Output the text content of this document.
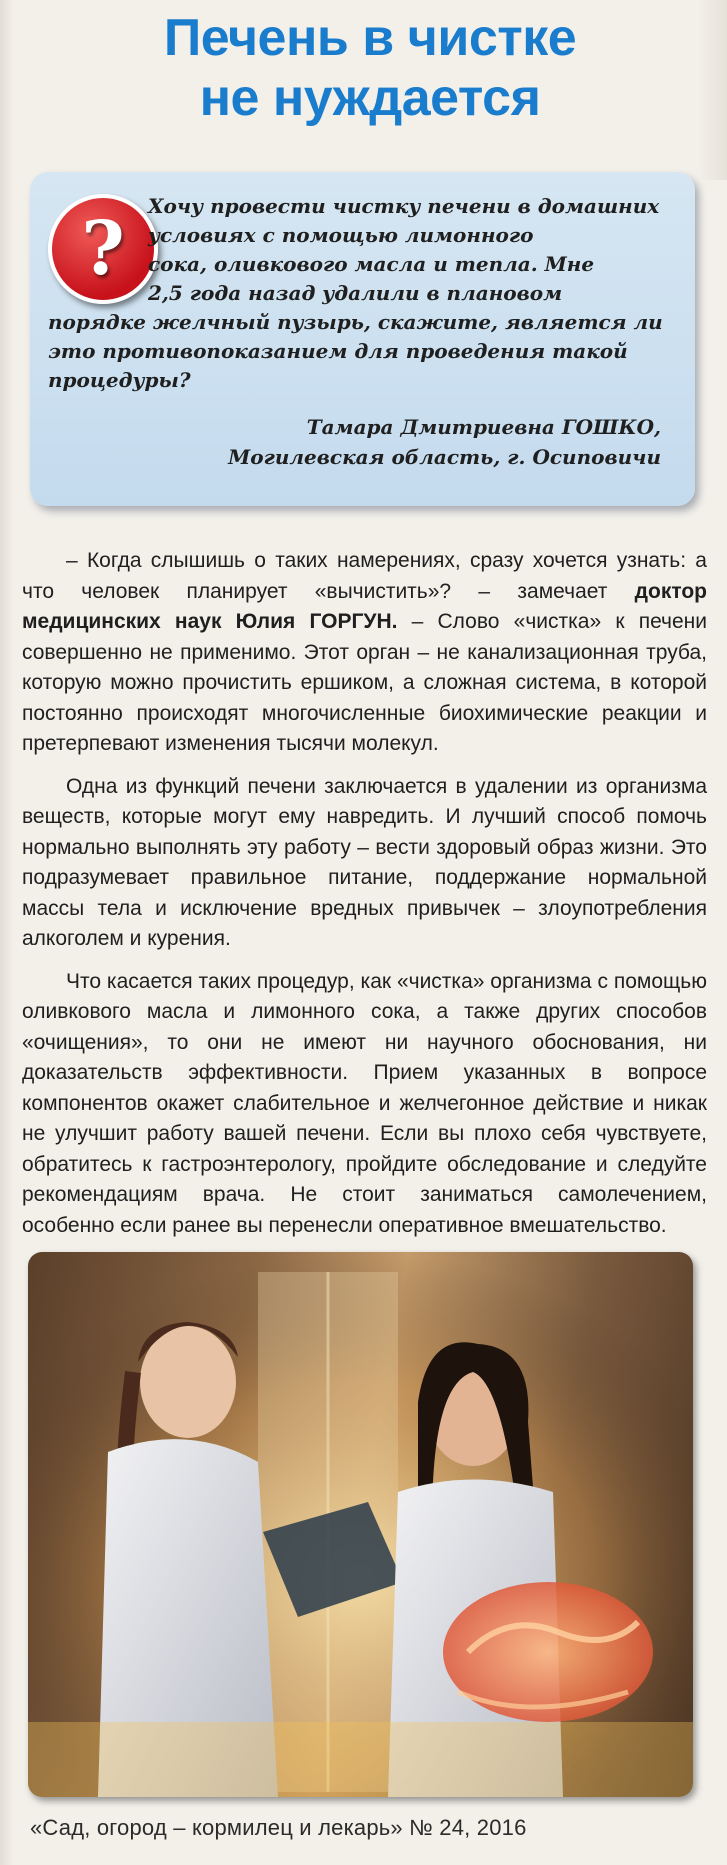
Печень в чистке
не нуждается
? Хочу провести чистку печени в домашних
условиях с помощью лимонного
сока, оливкового масла и тепла. Мне
2,5 года назад удалили в плановом
порядке желчный пузырь, скажите, является ли
это противопоказанием для проведения такой
процедуры?
Тамара Дмитриевна ГОШКО,
Могилевская область, г. Осиповичи

– Когда слышишь о таких намерениях, сразу хочется узнать: а что человек планирует «вычистить»? – замечает доктор медицинских наук Юлия ГОРГУН. – Слово «чистка» к печени совершенно не применимо. Этот орган – не канализационная труба, которую можно прочистить ершиком, а сложная система, в которой постоянно происходят многочисленные биохимические реакции и претерпевают изменения тысячи молекул.

Одна из функций печени заключается в удалении из организма веществ, которые могут ему навредить. И лучший способ помочь нормально выполнять эту работу – вести здоровый образ жизни. Это подразумевает правильное питание, поддержание нормальной массы тела и исключение вредных привычек – злоупотребления алкоголем и курения.

Что касается таких процедур, как «чистка» организма с помощью оливкового масла и лимонного сока, а также других способов «очищения», то они не имеют ни научного обоснования, ни доказательств эффективности. Прием указанных в вопросе компонентов окажет слабительное и желчегонное действие и никак не улучшит работу вашей печени. Если вы плохо себя чувствуете, обратитесь к гастроэнтерологу, пройдите обследование и следуйте рекомендациям врача. Не стоит заниматься самолечением, особенно если ранее вы перенесли оперативное вмешательство.

«Сад, огород – кормилец и лекарь» № 24, 2016
